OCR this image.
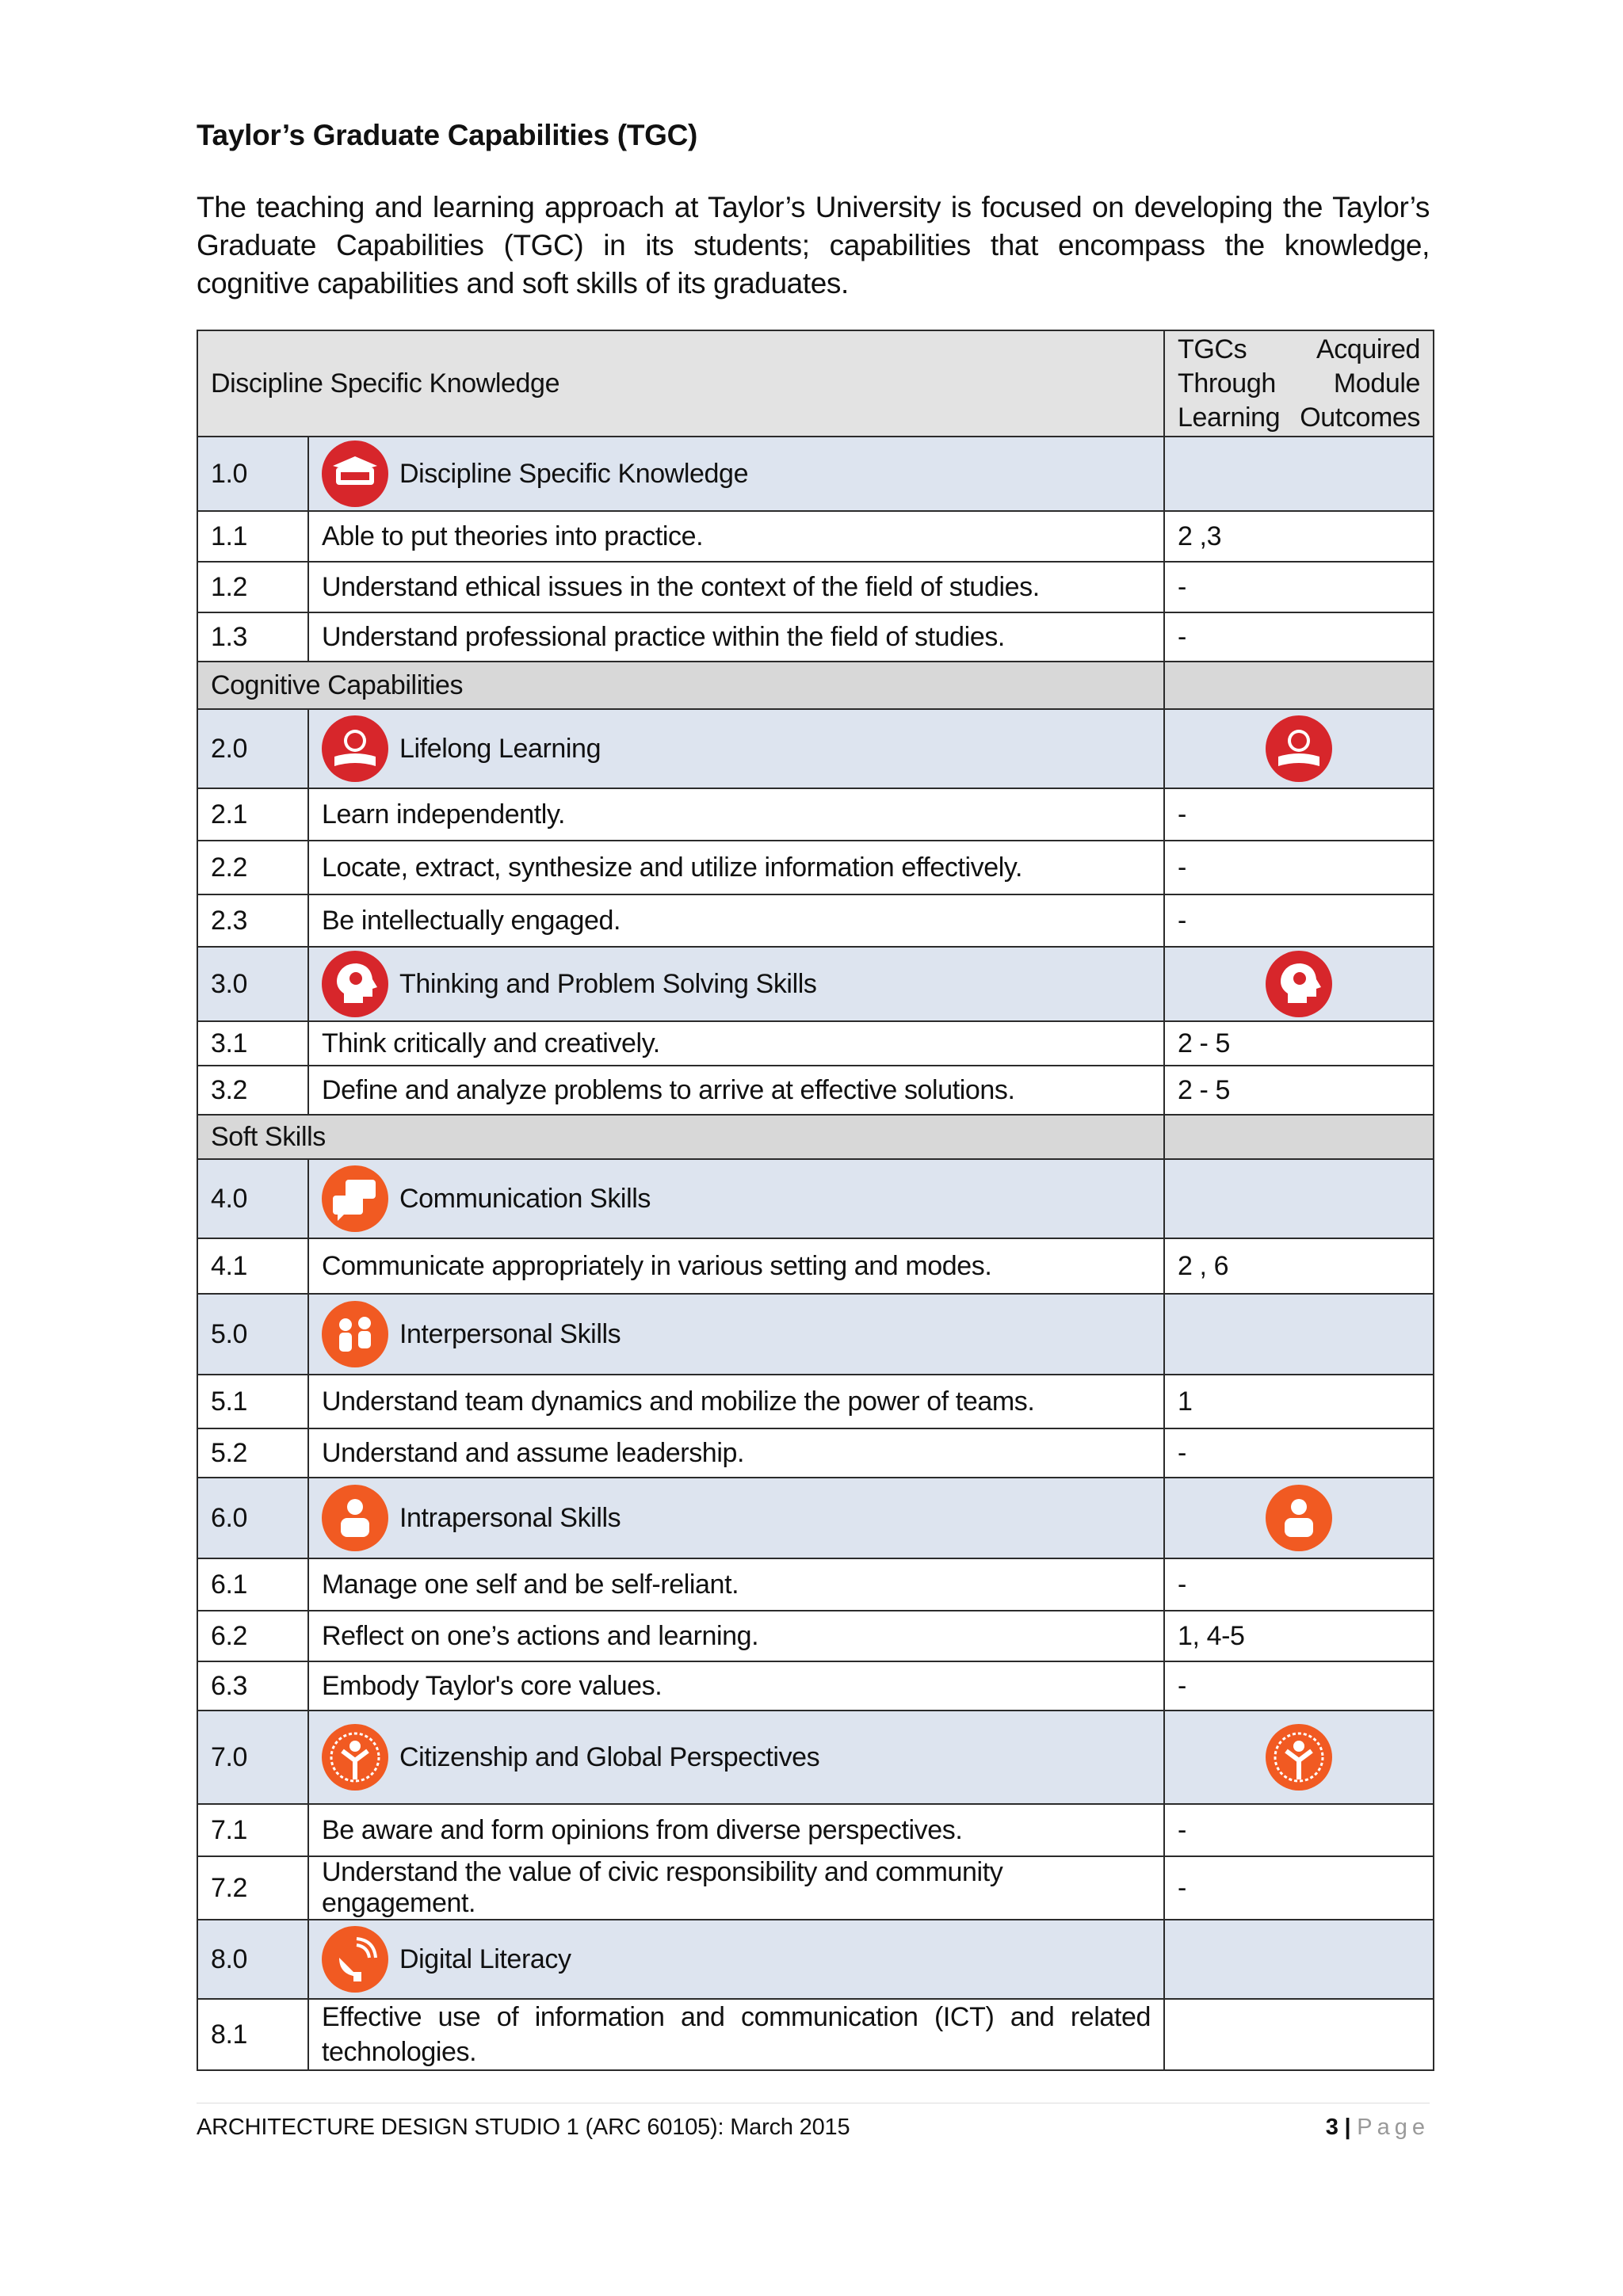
Taylor’s Graduate Capabilities (TGC)
The teaching and learning approach at Taylor’s University is focused on developing the Taylor’s Graduate Capabilities (TGC) in its students; capabilities that encompass the knowledge, cognitive capabilities and soft skills of its graduates.
Discipline Specific Knowledge		TGCs Acquired Through Module Learning Outcomes

1.0	Discipline Specific Knowledge	

1.1	Able to put theories into practice.	2 ,3
1.2	Understand ethical issues in the context of the field of studies.	-
1.3	Understand professional practice within the field of studies.	-
Cognitive Capabilities		
2.0	Lifelong Learning

2.1	Learn independently.	-
2.2	Locate, extract, synthesize and utilize information effectively.	-
2.3	Be intellectually engaged.	-
3.0	Thinking and Problem Solving Skills

3.1	Think critically and creatively.	2 - 5
3.2	Define and analyze problems to arrive at effective solutions.	2 - 5
Soft Skills		
4.0	Communication Skills	

4.1	Communicate appropriately in various setting and modes.	2 , 6
5.0	Interpersonal Skills	

5.1	Understand team dynamics and mobilize the power of teams.	1
5.2	Understand and assume leadership.	-
6.0	Intrapersonal Skills

6.1	Manage one self and be self-reliant.	-
6.2	Reflect on one’s actions and learning.	1, 4-5
6.3	Embody Taylor's core values.	-
7.0	Citizenship and Global Perspectives

7.1	Be aware and form opinions from diverse perspectives.	-
7.2	Understand the value of civic responsibility and community engagement.	-
8.0	Digital Literacy	

8.1	Effective use of information and communication (ICT) and related technologies.	

ARCHITECTURE DESIGN STUDIO 1 (ARC 60105): March 2015	3 | Page
